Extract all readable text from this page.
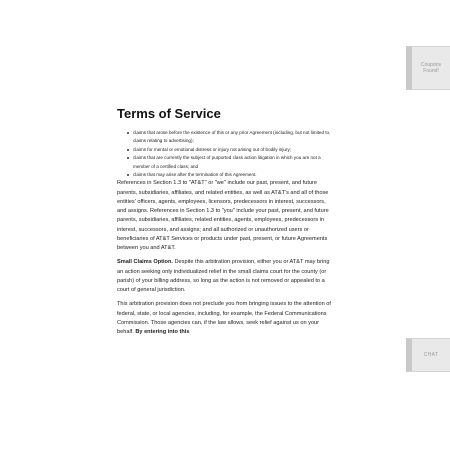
Terms of Service
claims that arose before the existence of this or any prior Agreement (including, but not limited to, claims relating to advertising);
claims for mental or emotional distress or injury not arising out of bodily injury;
claims that are currently the subject of purported class action litigation in which you are not a member of a certified class; and
claims that may arise after the termination of this Agreement.

References in Section 1.3 to "AT&T" or "we" include our past, present, and future parents, subsidiaries, affiliates, and related entities, as well as AT&T's and all of those entities' officers, agents, employees, licensors, predecessors in interest, successors, and assigns. References in Section 1.3 to "you" include your past, present, and future parents, subsidiaries, affiliates, related entities, agents, employees, predecessors in interest, successors, and assigns; and all authorized or unauthorized users or beneficiaries of AT&T Services or products under past, present, or future Agreements between you and AT&T.

Small Claims Option. Despite this arbitration provision, either you or AT&T may bring an action seeking only individualized relief in the small claims court for the county (or parish) of your billing address, so long as the action is not removed or appealed to a court of general jurisdiction.

This arbitration provision does not preclude you from bringing issues to the attention of federal, state, or local agencies, including, for example, the Federal Communications Commission. Those agencies can, if the law allows, seek relief against us on your behalf. By entering into this

Coupons
Found!
CHAT
